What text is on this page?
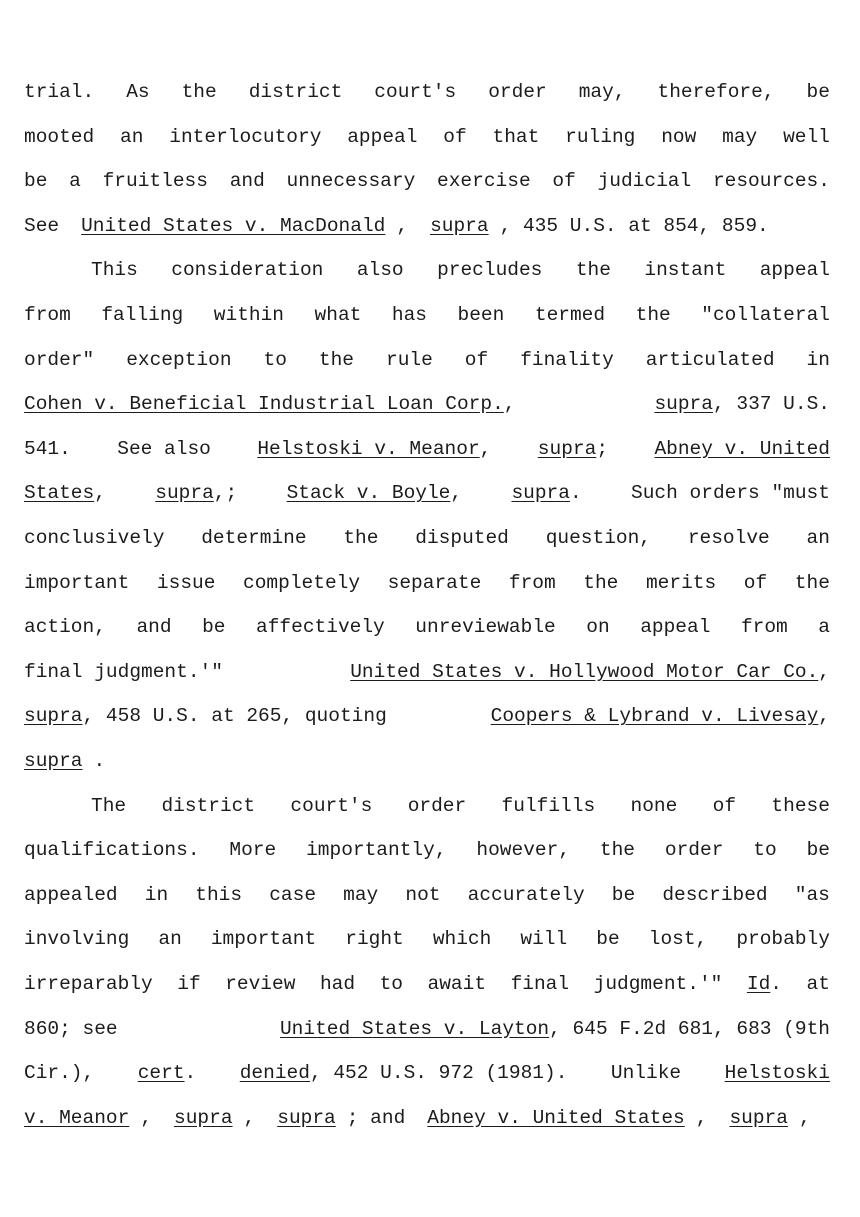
trial. As the district court's order may, therefore, be
mooted an interlocutory appeal of that ruling now may well
be a fruitless and unnecessary exercise of judicial resources.
See	United States v. MacDonald ,	supra , 435 U.S. at 854, 859.
This consideration also precludes the instant appeal
from falling within what has been termed the "collateral
order" exception to the rule of finality articulated in
Cohen v. Beneficial Industrial Loan Corp.,	supra, 337 U.S.
541. See also Helstoski v. Meanor, supra; Abney v. United
States,	supra,;	Stack v. Boyle,	supra.	Such orders "must
conclusively determine the disputed question, resolve an
important issue completely separate from the merits of the
action, and be affectively unreviewable on appeal from a
final judgment.'"	United States v. Hollywood Motor Car Co.,
supra, 458 U.S. at 265, quoting	Coopers & Lybrand v. Livesay,
supra .
The district court's order fulfills none of these
qualifications. More importantly, however, the order to be
appealed in this case may not accurately be described "as
involving an important right which will be lost, probably
irreparably if review had to await final judgment.'" Id. at
860; see	United States v. Layton, 645 F.2d 681, 683 (9th
Cir.), cert. denied, 452 U.S. 972 (1981). Unlike Helstoski
v. Meanor ,	supra ,	supra ; and	Abney v. United States ,	supra ,
